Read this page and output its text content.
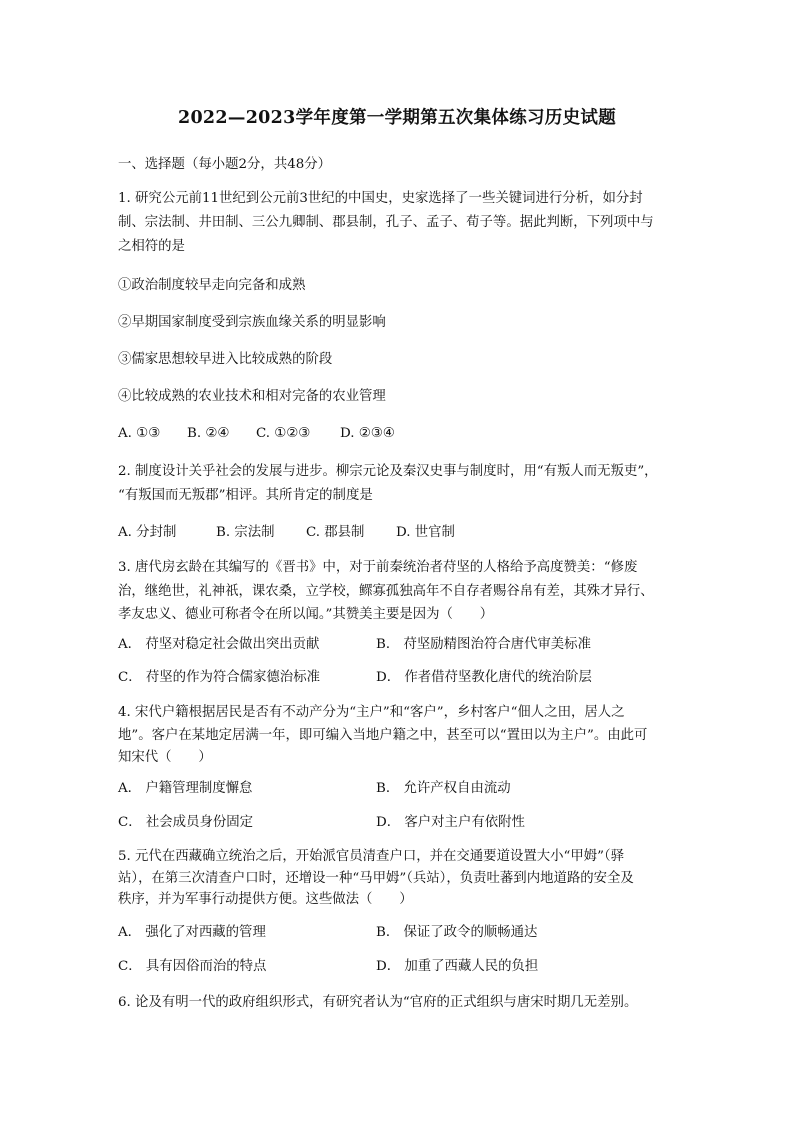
2022—2023学年度第一学期第五次集体练习历史试题
一、选择题（每小题2分，共48分）
1. 研究公元前11世纪到公元前3世纪的中国史，史家选择了一些关键词进行分析，如分封
制、宗法制、井田制、三公九卿制、郡县制，孔子、孟子、荀子等。据此判断，下列项中与
之相符的是
①政治制度较早走向完备和成熟
②早期国家制度受到宗族血缘关系的明显影响
③儒家思想较早进入比较成熟的阶段
④比较成熟的农业技术和相对完备的农业管理
A. ①③ B. ②④ C. ①②③ D. ②③④
2. 制度设计关乎社会的发展与进步。柳宗元论及秦汉史事与制度时，用“有叛人而无叛吏”，
“有叛国而无叛郡”相评。其所肯定的制度是
A. 分封制	B. 宗法制 C. 郡县制 D. 世官制
3. 唐代房玄龄在其编写的《晋书》中，对于前秦统治者苻坚的人格给予高度赞美：“修废
治，继绝世，礼神祇，课农桑，立学校，鳏寡孤独高年不自存者赐谷帛有差，其殊才异行、
孝友忠义、德业可称者令在所以闻。”其赞美主要是因为（　　）
A． 苻坚对稳定社会做出突出贡献	B． 苻坚励精图治符合唐代审美标准
C． 苻坚的作为符合儒家德治标准	D． 作者借苻坚教化唐代的统治阶层
4. 宋代户籍根据居民是否有不动产分为“主户”和“客户”，乡村客户“佃人之田，居人之
地”。客户在某地定居满一年，即可编入当地户籍之中，甚至可以“置田以为主户”。由此可
知宋代（　　）
A． 户籍管理制度懈怠	B． 允许产权自由流动
C． 社会成员身份固定	D． 客户对主户有依附性
5. 元代在西藏确立统治之后，开始派官员清查户口，并在交通要道设置大小“甲姆”（驿
站），在第三次清查户口时，还增设一种“马甲姆”（兵站），负责吐蕃到内地道路的安全及
秩序，并为军事行动提供方便。这些做法（　　）
A． 强化了对西藏的管理	B． 保证了政令的顺畅通达
C． 具有因俗而治的特点	D． 加重了西藏人民的负担
6. 论及有明一代的政府组织形式，有研究者认为“官府的正式组织与唐宋时期几无差别。
